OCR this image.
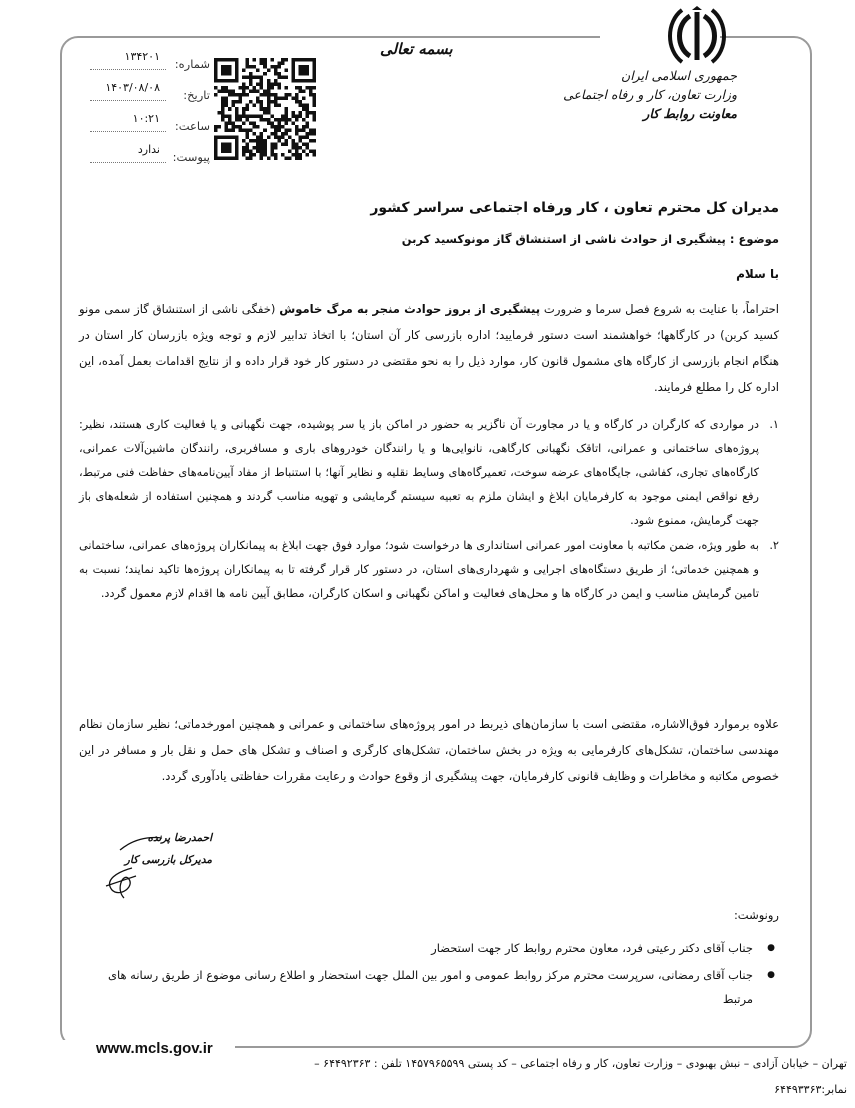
جمهوری اسلامی ایران
وزارت تعاون، کار و رفاه اجتماعی
معاونت روابط کار
بسمه تعالی
شماره:
۱۳۴۲۰۱
تاریخ:
۱۴۰۳/۰۸/۰۸
ساعت:
۱۰:۲۱
پیوست:
ندارد
مدیران کل محترم تعاون ، کار ورفاه اجتماعی سراسر کشور
موضوع : پیشگیری از حوادث ناشی از استنشاق گاز مونوکسید کربن
با سلام

احتراماً، با عنایت به شروع فصل سرما و ضرورت پیشگیری از بروز حوادث منجر به مرگ خاموش (خفگی ناشی از استنشاق گاز سمی مونو کسید کربن) در کارگاهها؛ خواهشمند است دستور فرمایید؛ اداره بازرسی کار آن استان؛ با اتخاذ تدابیر لازم و توجه ویژه بازرسان کار استان در هنگام انجام بازرسی از کارگاه های مشمول قانون کار، موارد ذیل را به نحو مقتضی در دستور کار خود قرار داده و از نتایج اقدامات بعمل آمده، این اداره کل را مطلع فرمایند.

۱.
در مواردی که کارگران در کارگاه و یا در مجاورت آن ناگزیر به حضور در اماکن باز یا سر پوشیده، جهت نگهبانی و یا فعالیت کاری هستند، نظیر: پروژه‌های ساختمانی و عمرانی، اتاقک نگهبانی کارگاهی، نانوایی‌ها و یا رانندگان خودروهای باری و مسافربری، رانندگان ماشین‌آلات عمرانی، کارگاه‌های تجاری، کفاشی، جایگاه‌های عرضه سوخت، تعمیرگاه‌های وسایط نقلیه و نظایر آنها؛ با استنباط از مفاد آیین‌نامه‌های حفاظت فنی مرتبط، رفع نواقص ایمنی موجود به کارفرمایان ابلاغ و ایشان ملزم به تعبیه سیستم گرمایشی و تهویه مناسب گردند و همچنین استفاده از شعله‌های باز جهت گرمایش، ممنوع شود.
۲.
به طور ویژه، ضمن مکاتبه با معاونت امور عمرانی استانداری ها درخواست شود؛ موارد فوق جهت ابلاغ به پیمانکاران پروژه‌های عمرانی، ساختمانی و همچنین خدماتی؛ از طریق دستگاه‌های اجرایی و شهرداری‌های استان، در دستور کار قرار گرفته تا به پیمانکاران پروژه‌ها تاکید نمایند؛ نسبت به تامین گرمایش مناسب و ایمن در کارگاه ها و محل‌های فعالیت و اماکن نگهبانی و اسکان کارگران، مطابق آیین نامه ها اقدام لازم معمول گردد.

علاوه برموارد فوق‌الاشاره، مقتضی است با سازمان‌های ذیربط در امور پروژه‌های ساختمانی و عمرانی و همچنین امورخدماتی؛ نظیر سازمان نظام مهندسی ساختمان، تشکل‌های کارفرمایی به ویژه در بخش ساختمان، تشکل‌های کارگری و اصناف و تشکل های حمل و نقل بار و مسافر در این خصوص مکاتبه و مخاطرات و وظایف قانونی کارفرمایان، جهت پیشگیری از وقوع حوادث و رعایت مقررات حفاظتی یادآوری گردد.

احمدرضا پرنده
مدیرکل بازرسی کار
رونوشت:
● جناب آقای دکتر رعیتی فرد، معاون محترم روابط کار جهت استحضار
● جناب آقای رمضانی، سرپرست محترم مرکز روابط عمومی و امور بین الملل جهت استحضار و اطلاع رسانی موضوع از طریق رسانه های مرتبط
www.mcls.gov.ir
تهران – خیابان آزادی – نبش بهبودی – وزارت تعاون، کار و رفاه اجتماعی – کد پستی ۱۴۵۷۹۶۵۵۹۹ تلفن : ۶۴۴۹۲۳۶۳ –
نمابر:۶۴۴۹۳۳۶۳
